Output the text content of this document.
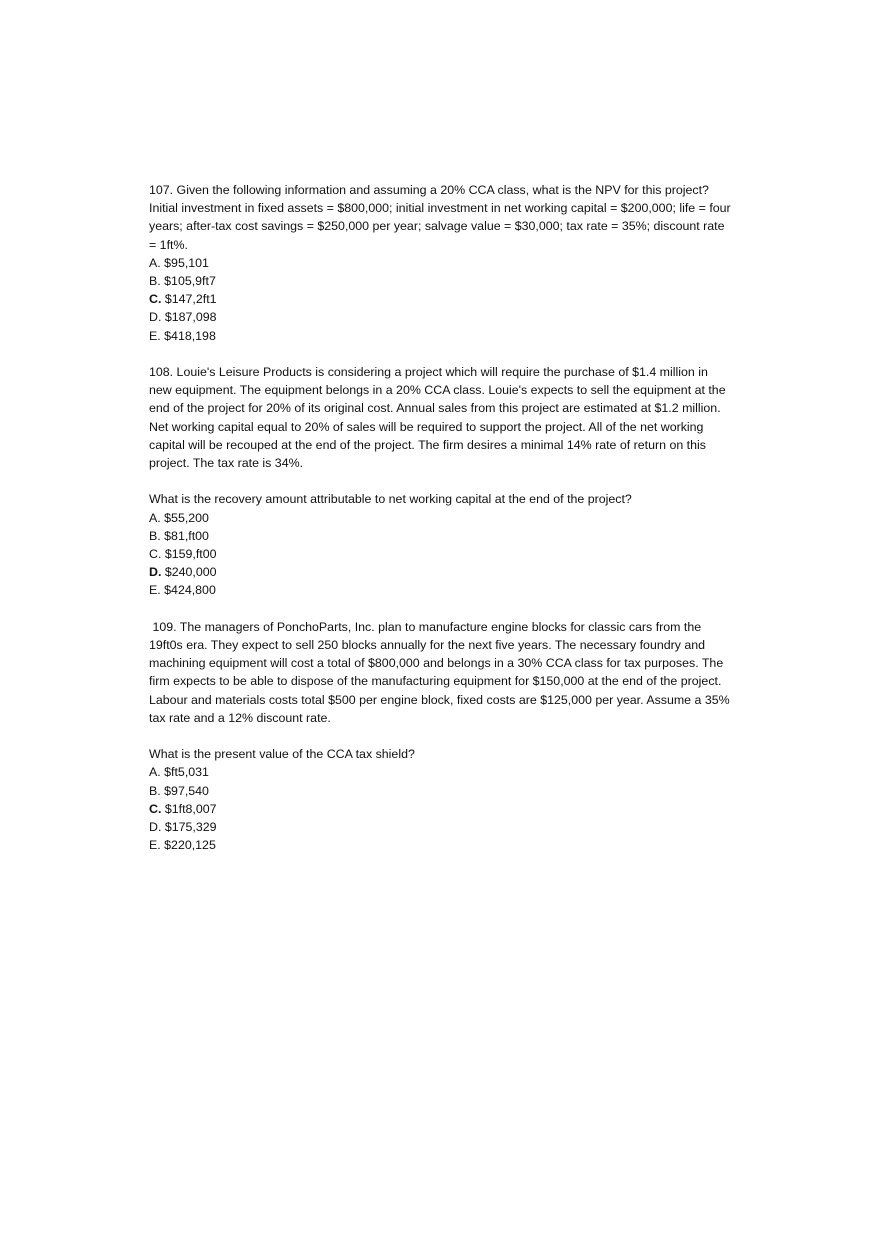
107. Given the following information and assuming a 20% CCA class, what is the NPV for this project? Initial investment in fixed assets = $800,000; initial investment in net working capital = $200,000; life = four years; after-tax cost savings = $250,000 per year; salvage value = $30,000; tax rate = 35%; discount rate = 1ft%.

A. $95,101
B. $105,9ft7
C. $147,2ft1
D. $187,098
E. $418,198

108. Louie's Leisure Products is considering a project which will require the purchase of $1.4 million in new equipment. The equipment belongs in a 20% CCA class. Louie's expects to sell the equipment at the end of the project for 20% of its original cost. Annual sales from this project are estimated at $1.2 million. Net working capital equal to 20% of sales will be required to support the project. All of the net working capital will be recouped at the end of the project. The firm desires a minimal 14% rate of return on this project. The tax rate is 34%.

What is the recovery amount attributable to net working capital at the end of the project?

A. $55,200
B. $81,ft00
C. $159,ft00
D. $240,000
E. $424,800

109. The managers of PonchoParts, Inc. plan to manufacture engine blocks for classic cars from the 19ft0s era. They expect to sell 250 blocks annually for the next five years. The necessary foundry and machining equipment will cost a total of $800,000 and belongs in a 30% CCA class for tax purposes. The firm expects to be able to dispose of the manufacturing equipment for $150,000 at the end of the project. Labour and materials costs total $500 per engine block, fixed costs are $125,000 per year. Assume a 35% tax rate and a 12% discount rate.

What is the present value of the CCA tax shield?

A. $ft5,031
B. $97,540
C. $1ft8,007
D. $175,329
E. $220,125
